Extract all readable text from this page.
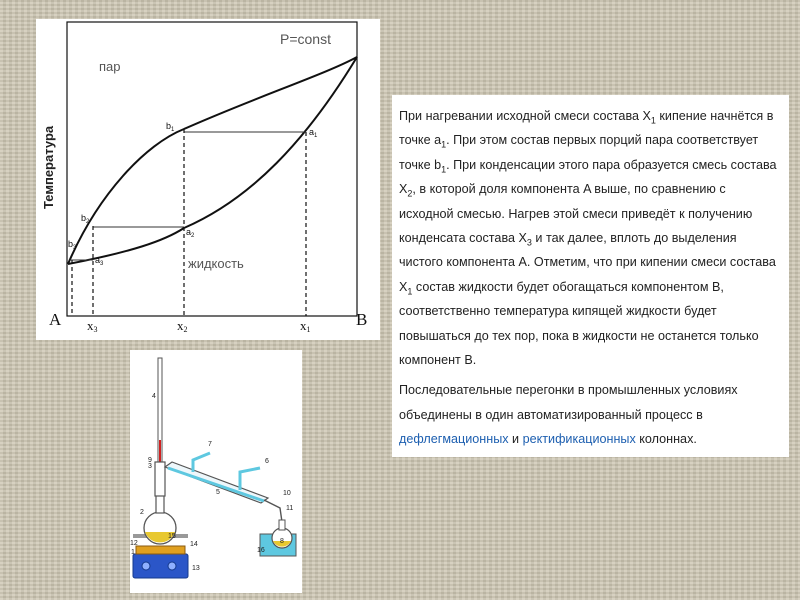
P=const
пар
жидкость
Температура	$b_1$	$a_1$
$b_2$
$a_2$
$b_3$
$a_3$
A	B
x3	x2	x1

При нагревании исходной смеси состава $X_1$ кипение начнётся в точке $a_1$. При этом состав первых порций пара соответствует точке $b_1$. При конденсации этого пара образуется смесь состава $X_2$, в которой доля компонента A выше, по сравнению с исходной смесью. Нагрев этой смеси приведёт к получению конденсата состава $X_3$ и так далее, вплоть до выделения чистого компонента A. Отметим, что при кипении смеси состава $X_1$ состав жидкости будет обогащаться компонентом B, соответственно температура кипящей жидкости будет повышаться до тех пор, пока в жидкости не останется только компонент B.

Последовательные перегонки в промышленных условиях объединены в один автоматизированный процесс в дефлегмационных и ректификационных колоннах.

1
2
3
4
5
6
7
8
9
10
11
12
13
14
15
16
